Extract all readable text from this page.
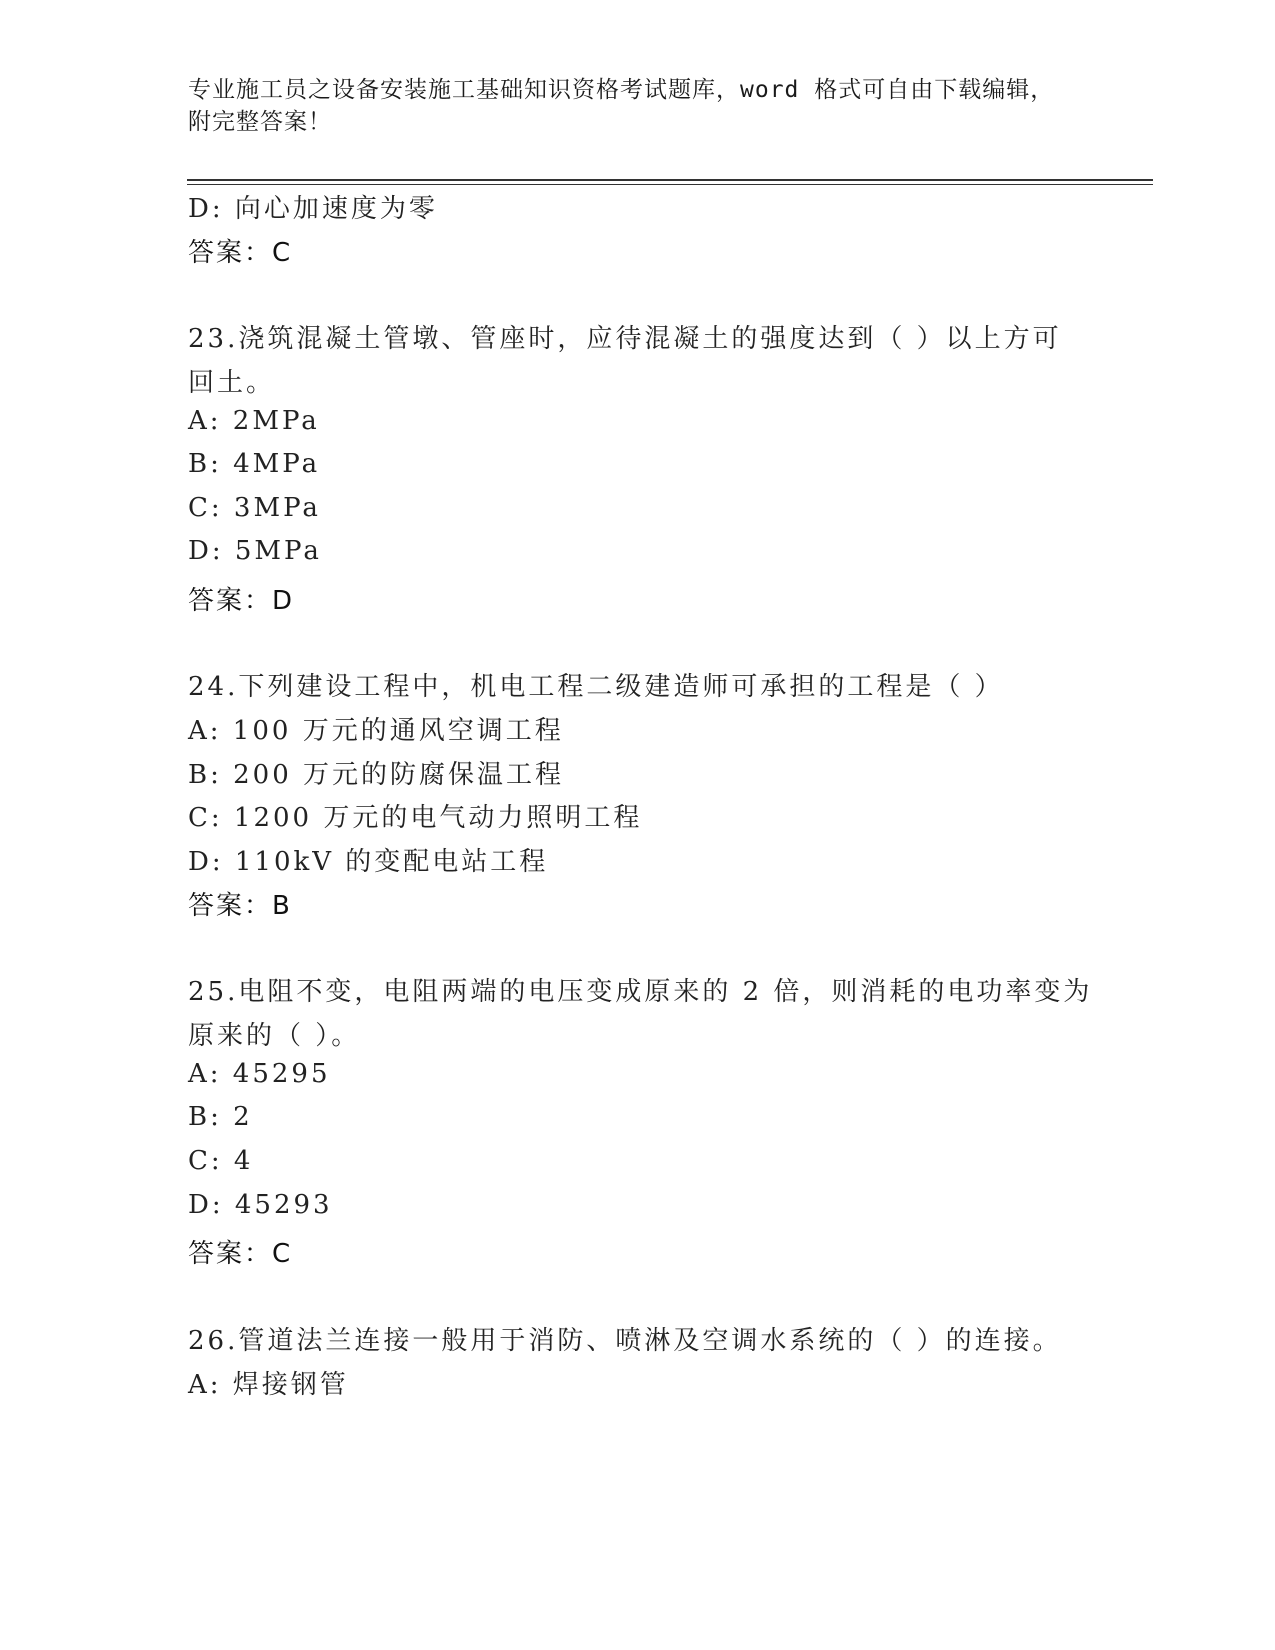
专业施工员之设备安装施工基础知识资格考试题库，word 格式可自由下载编辑，
附完整答案！
D: 向心加速度为零
答案：C
23.浇筑混凝土管墩、管座时，应待混凝土的强度达到（ ）以上方可
回土。
A: 2MPa
B: 4MPa
C: 3MPa
D: 5MPa
答案：D
24.下列建设工程中，机电工程二级建造师可承担的工程是（ ）
A: 100 万元的通风空调工程
B: 200 万元的防腐保温工程
C: 1200 万元的电气动力照明工程
D: 110kV 的变配电站工程
答案：B
25.电阻不变，电阻两端的电压变成原来的 2 倍，则消耗的电功率变为
原来的（ ）。
A: 45295
B: 2
C: 4
D: 45293
答案：C
26.管道法兰连接一般用于消防、喷淋及空调水系统的（ ）的连接。
A: 焊接钢管
